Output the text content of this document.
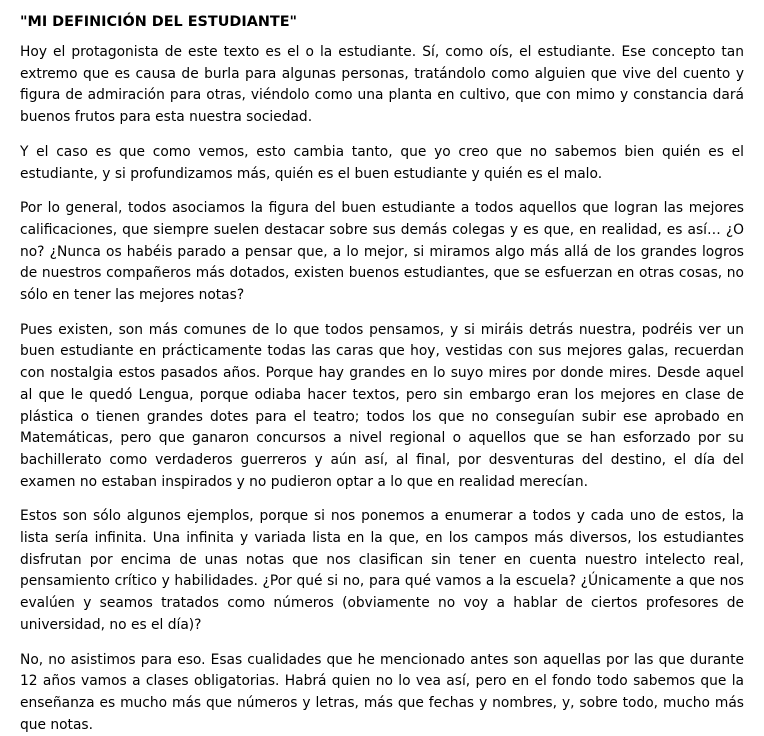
"MI DEFINICIÓN DEL ESTUDIANTE"

Hoy el protagonista de este texto es el o la estudiante. Sí, como oís, el estudiante. Ese concepto tan extremo que es causa de burla para algunas personas, tratándolo como alguien que vive del cuento y figura de admiración para otras, viéndolo como una planta en cultivo, que con mimo y constancia dará buenos frutos para esta nuestra sociedad.

Y el caso es que como vemos, esto cambia tanto, que yo creo que no sabemos bien quién es el estudiante, y si profundizamos más, quién es el buen estudiante y quién es el malo.

Por lo general, todos asociamos la figura del buen estudiante a todos aquellos que logran las mejores calificaciones, que siempre suelen destacar sobre sus demás colegas y es que, en realidad, es así… ¿O no? ¿Nunca os habéis parado a pensar que, a lo mejor, si miramos algo más allá de los grandes logros de nuestros compañeros más dotados, existen buenos estudiantes, que se esfuerzan en otras cosas, no sólo en tener las mejores notas?

Pues existen, son más comunes de lo que todos pensamos, y si miráis detrás nuestra, podréis ver un buen estudiante en prácticamente todas las caras que hoy, vestidas con sus mejores galas, recuerdan con nostalgia estos pasados años. Porque hay grandes en lo suyo mires por donde mires. Desde aquel al que le quedó Lengua, porque odiaba hacer textos, pero sin embargo eran los mejores en clase de plástica o tienen grandes dotes para el teatro; todos los que no conseguían subir ese aprobado en Matemáticas, pero que ganaron concursos a nivel regional o aquellos que se han esforzado por su bachillerato como verdaderos guerreros y aún así, al final, por desventuras del destino, el día del examen no estaban inspirados y no pudieron optar a lo que en realidad merecían.

Estos son sólo algunos ejemplos, porque si nos ponemos a enumerar a todos y cada uno de estos, la lista sería infinita. Una infinita y variada lista en la que, en los campos más diversos, los estudiantes disfrutan por encima de unas notas que nos clasifican sin tener en cuenta nuestro intelecto real, pensamiento crítico y habilidades. ¿Por qué si no, para qué vamos a la escuela? ¿Únicamente a que nos evalúen y seamos tratados como números (obviamente no voy a hablar de ciertos profesores de universidad, no es el día)?

No, no asistimos para eso. Esas cualidades que he mencionado antes son aquellas por las que durante 12 años vamos a clases obligatorias. Habrá quien no lo vea así, pero en el fondo todo sabemos que la enseñanza es mucho más que números y letras, más que fechas y nombres, y, sobre todo, mucho más que notas.
